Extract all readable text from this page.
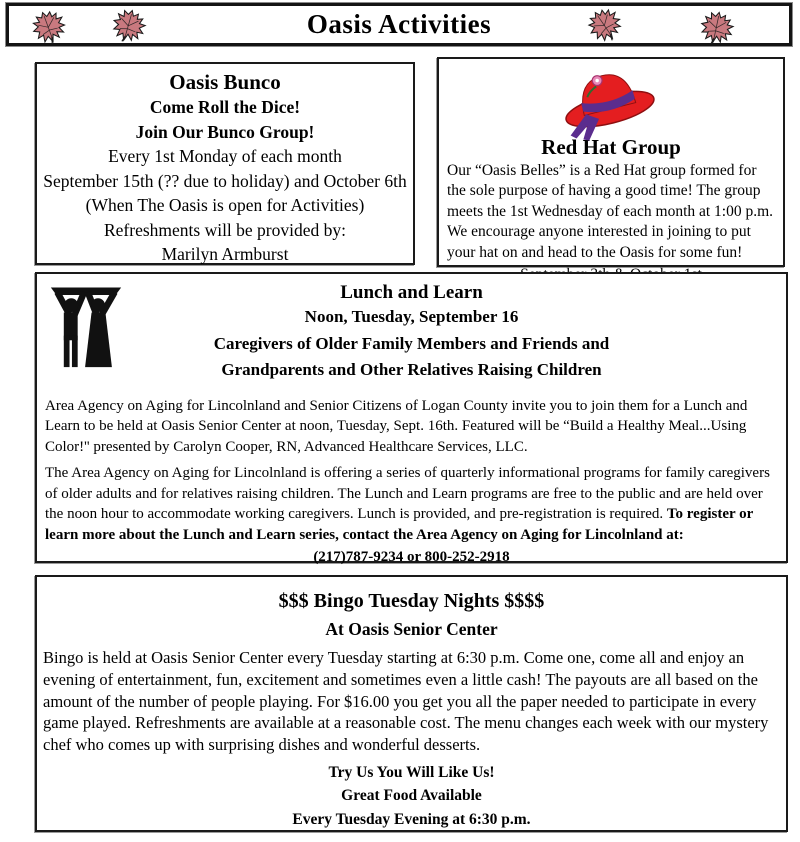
Oasis Activities
Oasis Bunco
Come Roll the Dice!
Join Our Bunco Group!
Every 1st Monday of each month
September 15th (?? due to holiday) and October 6th
(When The Oasis is open for Activities)
Refreshments will be provided by:
Marilyn Armburst
Red Hat Group
Our “Oasis Belles” is a Red Hat group formed for the sole purpose of having a good time! The group meets the 1st Wednesday of each month at 1:00 p.m. We encourage anyone interested in joining to put your hat on and head to the Oasis for some fun!
Lunch and Learn
Noon, Tuesday, September 16
Caregivers of Older Family Members and Friends and
Grandparents and Other Relatives Raising Children

Area Agency on Aging for Lincolnland and Senior Citizens of Logan County invite you to join them for a Lunch and Learn to be held at Oasis Senior Center at noon, Tuesday, Sept. 16th. Featured will be “Build a Healthy Meal...Using Color!'' presented by Carolyn Cooper, RN, Advanced Healthcare Services, LLC.

The Area Agency on Aging for Lincolnland is offering a series of quarterly informational programs for family caregivers of older adults and for relatives raising children. The Lunch and Learn programs are free to the public and are held over the noon hour to accommodate working caregivers. Lunch is provided, and pre-registration is required. To register or learn more about the Lunch and Learn series, contact the Area Agency on Aging for Lincolnland at:

(217)787-9234 or 800-252-2918
$$$ Bingo Tuesday Nights $$$$
At Oasis Senior Center

Bingo is held at Oasis Senior Center every Tuesday starting at 6:30 p.m. Come one, come all and enjoy an evening of entertainment, fun, excitement and sometimes even a little cash! The payouts are all based on the amount of the number of people playing. For $16.00 you get you all the paper needed to participate in every game played. Refreshments are available at a reasonable cost. The menu changes each week with our mystery chef who comes up with surprising dishes and wonderful desserts.

Try Us You Will Like Us!
Great Food Available
Every Tuesday Evening at 6:30 p.m.
